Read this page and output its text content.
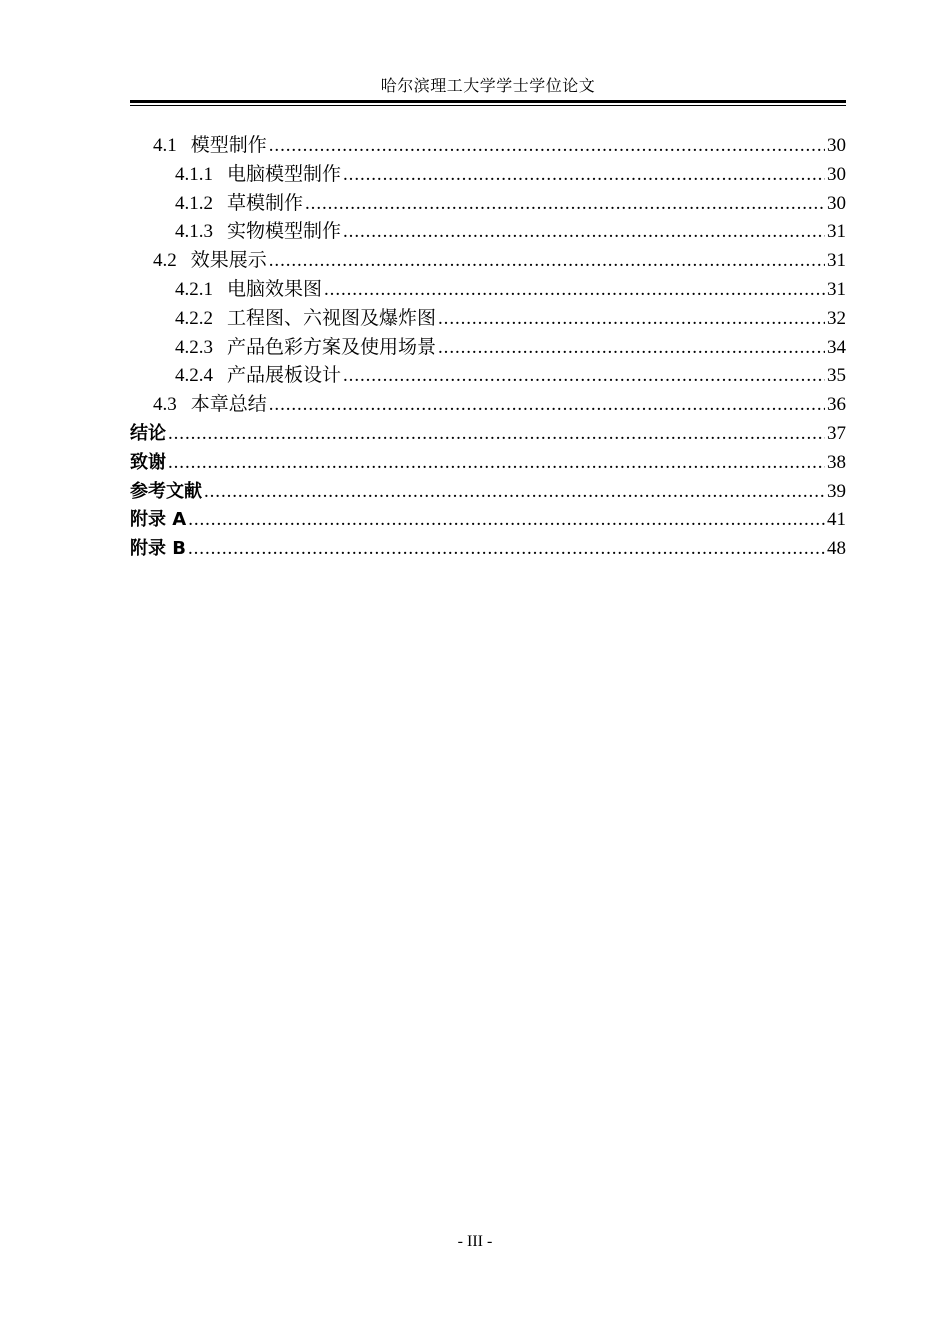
哈尔滨理工大学学士学位论文
4.1 模型制作 .....	30
4.1.1 电脑模型制作 .....	30
4.1.2 草模制作 .....	30
4.1.3 实物模型制作 .....	31
4.2 效果展示 .....	31
4.2.1 电脑效果图 .....	31
4.2.2 工程图、六视图及爆炸图 .....	32
4.2.3 产品色彩方案及使用场景 .....	34
4.2.4 产品展板设计 .....	35
4.3 本章总结 .....	36
结论 .....	37
致谢 .....	38
参考文献 .....	39
附录 A .....	41
附录 B .....	48
- III -
